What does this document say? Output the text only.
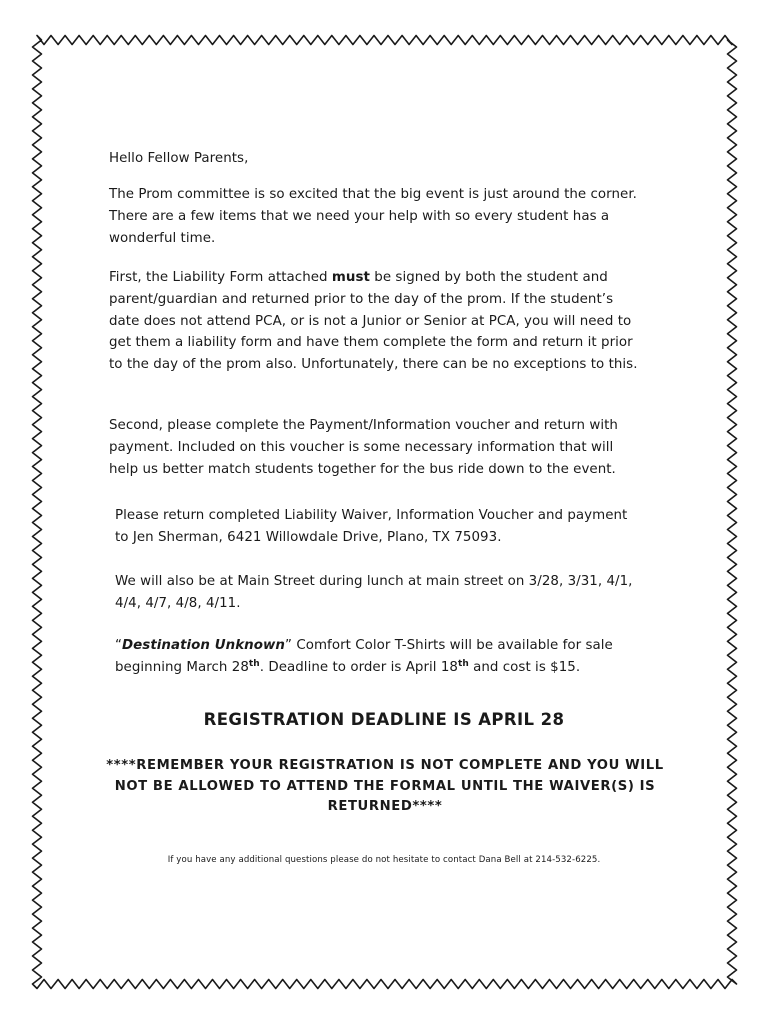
Hello Fellow Parents,

The Prom committee is so excited that the big event is just around the corner. There are a few items that we need your help with so every student has a wonderful time.

First, the Liability Form attached must be signed by both the student and parent/guardian and returned prior to the day of the prom. If the student’s date does not attend PCA, or is not a Junior or Senior at PCA, you will need to get them a liability form and have them complete the form and return it prior to the day of the prom also. Unfortunately, there can be no exceptions to this.

Second, please complete the Payment/Information voucher and return with payment. Included on this voucher is some necessary information that will help us better match students together for the bus ride down to the event.

Please return completed Liability Waiver, Information Voucher and payment to Jen Sherman, 6421 Willowdale Drive, Plano, TX 75093.

We will also be at Main Street during lunch at main street on 3/28, 3/31, 4/1, 4/4, 4/7, 4/8, 4/11.

“Destination Unknown” Comfort Color T-Shirts will be available for sale beginning March 28th. Deadline to order is April 18th and cost is $15.

REGISTRATION DEADLINE IS APRIL 28
****REMEMBER YOUR REGISTRATION IS NOT COMPLETE AND YOU WILL NOT BE ALLOWED TO ATTEND THE FORMAL UNTIL THE WAIVER(S) IS RETURNED****
If you have any additional questions please do not hesitate to contact Dana Bell at 214-532-6225.
